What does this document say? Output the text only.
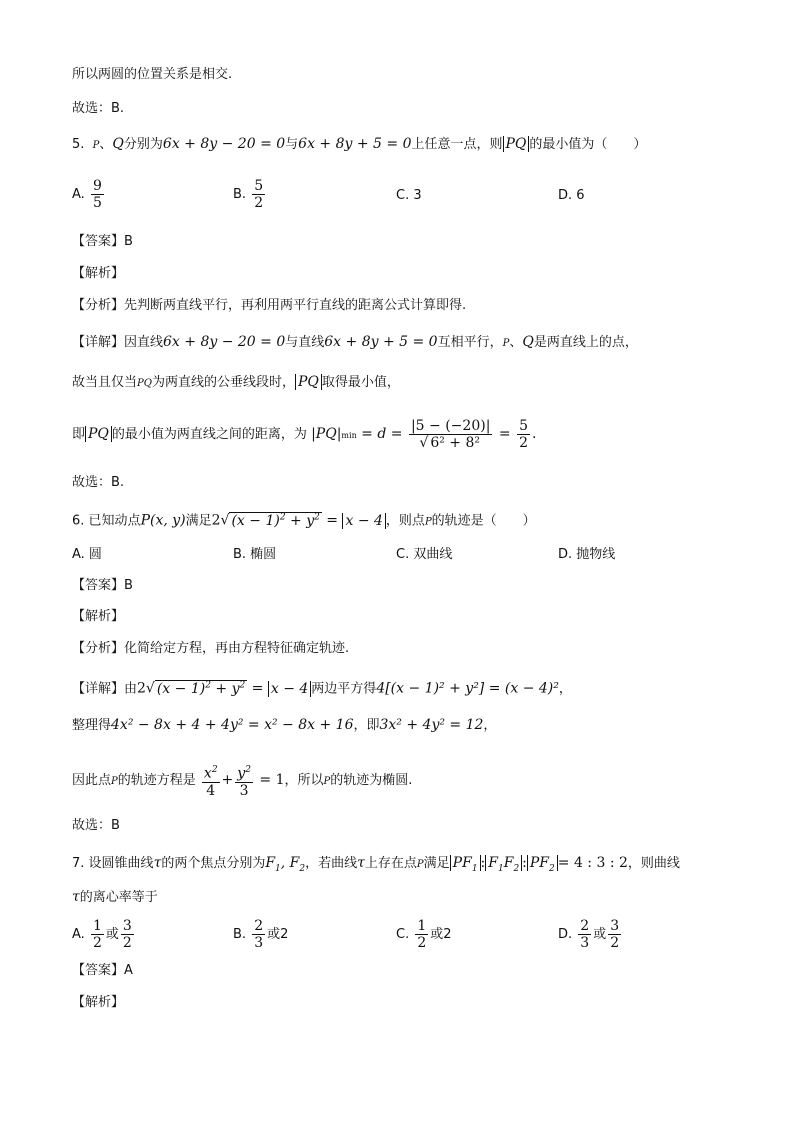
所以两圆的位置关系是相交.
故选：B.
5. P、Q分别为6x + 8y − 20 = 0与6x + 8y + 5 = 0上任意一点，则 PQ 的最小值为（　　）
A. $\frac{9}{5}$	B. $\frac{5}{2}$	C. 3	D. 6
【答案】B
【解析】
【分析】先判断两直线平行，再利用两平行直线的距离公式计算即得.
【详解】因直线6x + 8y − 20 = 0与直线6x + 8y + 5 = 0互相平行，P、Q是两直线上的点，
故当且仅当PQ为两直线的公垂线段时， PQ 取得最小值，
即 PQ 的最小值为两直线之间的距离，为 $|PQ|\min = d = \frac{|5 - (-20)|}{\text{√ 6² + 8²}} = \frac{5}{2}$ .
故选：B.
6. 已知动点P(x, y)满足2√ $(x - 1)^2 + y^2 = x - 4$ ，则点P的轨迹是（　　）
A. 圆	B. 椭圆	C. 双曲线	D. 抛物线
【答案】B
【解析】
【分析】化简给定方程，再由方程特征确定轨迹.
【详解】由2√ $(x - 1)^2 + y^2 = x - 4$ 两边平方得4[(x − 1)² + y²] = (x − 4)²，
整理得4x² − 8x + 4 + 4y² = x² − 8x + 16，即3x² + 4y² = 12，
因此点P的轨迹方程是 $\frac{x^2}{4} + \frac{y^2}{3} = 1$，所以P的轨迹为椭圆.
故选：B
7. 设圆锥曲线τ的两个焦点分别为$F_1$, $F_2$，若曲线τ上存在点P满足 $PF_1$ : $F_1F_2$ : $PF_2 = 4$ : 3 : 2，则曲线
τ的离心率等于
A. $\frac{1}{2}$ 或 $\frac{3}{2}$	B. $\frac{2}{3}$ 或2	C. $\frac{1}{2}$ 或2	D. $\frac{2}{3}$ 或 $\frac{3}{2}$
【答案】A
【解析】
